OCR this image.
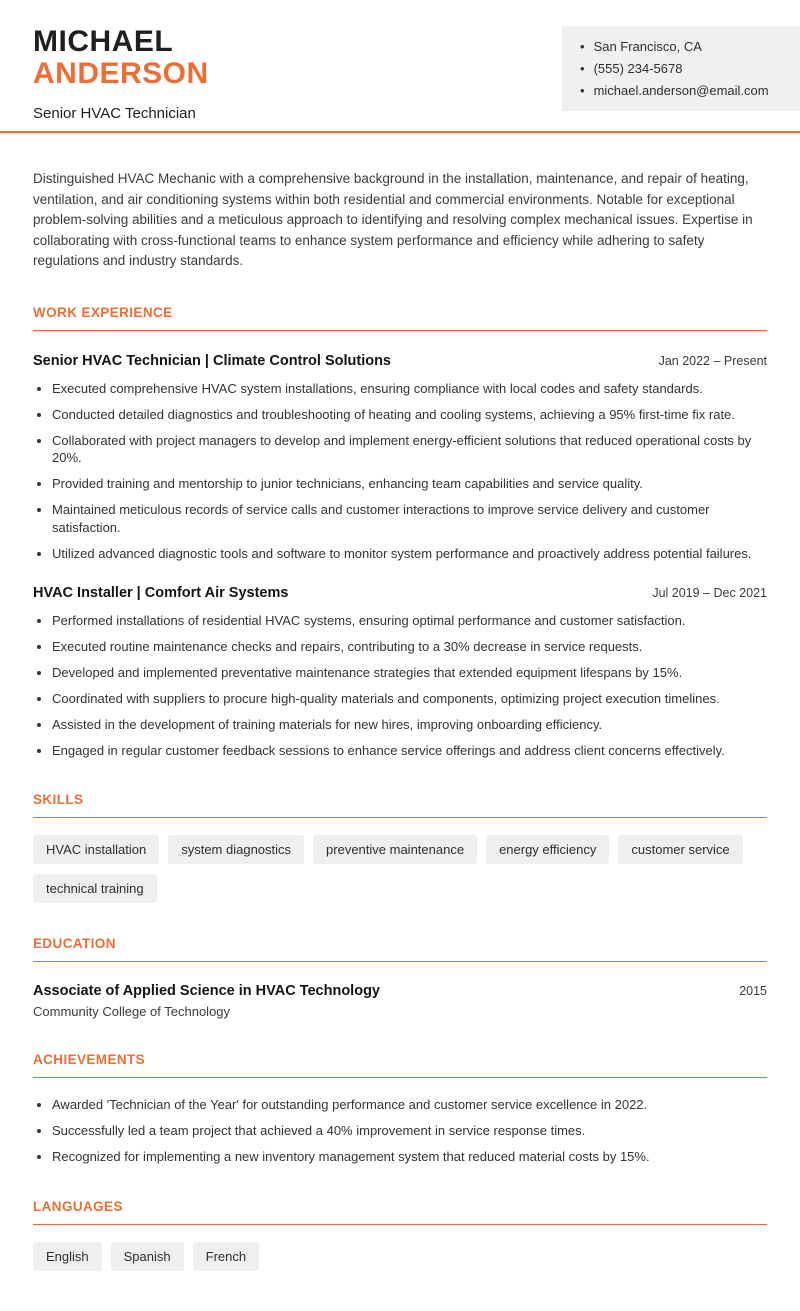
MICHAEL
ANDERSON
Senior HVAC Technician
• San Francisco, CA
• (555) 234-5678
• michael.anderson@email.com

Distinguished HVAC Mechanic with a comprehensive background in the installation, maintenance, and repair of heating, ventilation, and air conditioning systems within both residential and commercial environments. Notable for exceptional problem-solving abilities and a meticulous approach to identifying and resolving complex mechanical issues. Expertise in collaborating with cross-functional teams to enhance system performance and efficiency while adhering to safety regulations and industry standards.

WORK EXPERIENCE
Senior HVAC Technician | Climate Control Solutions	Jan 2022 – Present
• Executed comprehensive HVAC system installations, ensuring compliance with local codes and safety standards.
• Conducted detailed diagnostics and troubleshooting of heating and cooling systems, achieving a 95% first-time fix rate.
• Collaborated with project managers to develop and implement energy-efficient solutions that reduced operational costs by 20%.
• Provided training and mentorship to junior technicians, enhancing team capabilities and service quality.
• Maintained meticulous records of service calls and customer interactions to improve service delivery and customer satisfaction.
• Utilized advanced diagnostic tools and software to monitor system performance and proactively address potential failures.
HVAC Installer | Comfort Air Systems	Jul 2019 – Dec 2021
• Performed installations of residential HVAC systems, ensuring optimal performance and customer satisfaction.
• Executed routine maintenance checks and repairs, contributing to a 30% decrease in service requests.
• Developed and implemented preventative maintenance strategies that extended equipment lifespans by 15%.
• Coordinated with suppliers to procure high-quality materials and components, optimizing project execution timelines.
• Assisted in the development of training materials for new hires, improving onboarding efficiency.
• Engaged in regular customer feedback sessions to enhance service offerings and address client concerns effectively.
SKILLS
HVAC installation	system diagnostics	preventive maintenance	energy efficiency	customer service
technical training
EDUCATION
Associate of Applied Science in HVAC Technology	2015
Community College of Technology
ACHIEVEMENTS
• Awarded 'Technician of the Year' for outstanding performance and customer service excellence in 2022.
• Successfully led a team project that achieved a 40% improvement in service response times.
• Recognized for implementing a new inventory management system that reduced material costs by 15%.
LANGUAGES
English	Spanish	French
